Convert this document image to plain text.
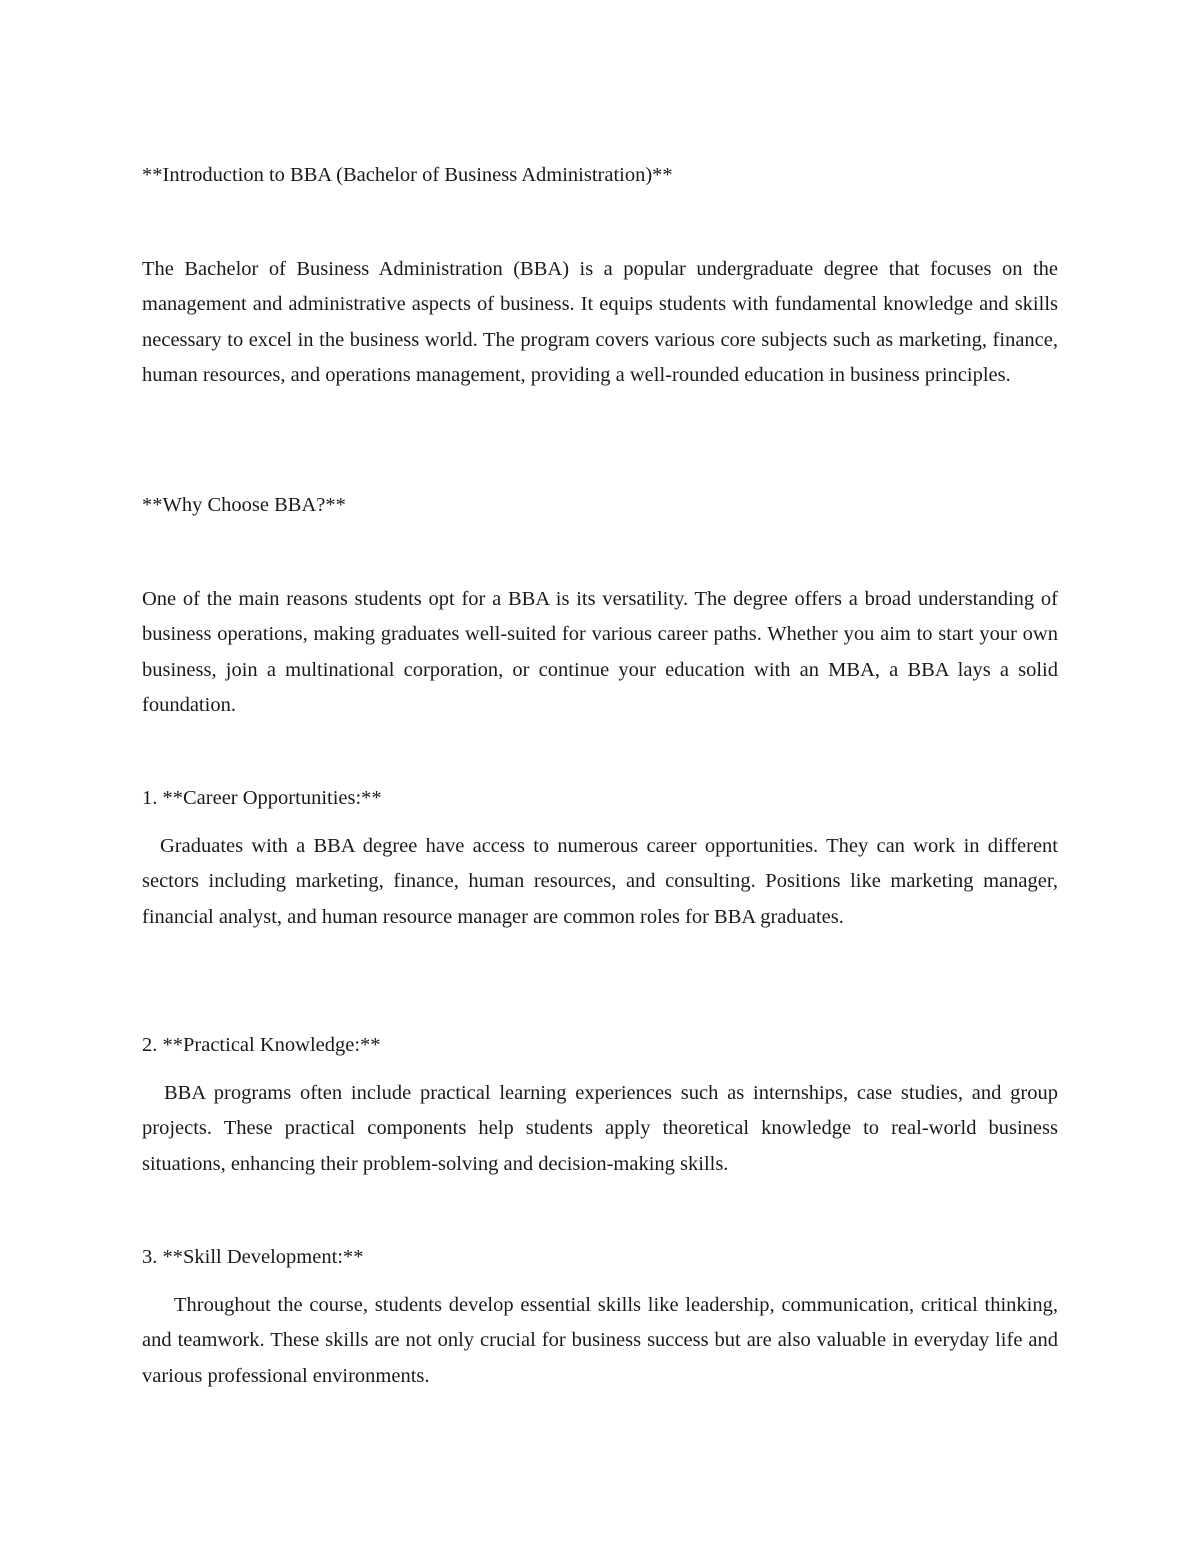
**Introduction to BBA (Bachelor of Business Administration)**

The Bachelor of Business Administration (BBA) is a popular undergraduate degree that focuses on the management and administrative aspects of business. It equips students with fundamental knowledge and skills necessary to excel in the business world. The program covers various core subjects such as marketing, finance, human resources, and operations management, providing a well-rounded education in business principles.

**Why Choose BBA?**

One of the main reasons students opt for a BBA is its versatility. The degree offers a broad understanding of business operations, making graduates well-suited for various career paths. Whether you aim to start your own business, join a multinational corporation, or continue your education with an MBA, a BBA lays a solid foundation.

1. **Career Opportunities:**

Graduates with a BBA degree have access to numerous career opportunities. They can work in different sectors including marketing, finance, human resources, and consulting. Positions like marketing manager, financial analyst, and human resource manager are common roles for BBA graduates.

2. **Practical Knowledge:**

BBA programs often include practical learning experiences such as internships, case studies, and group projects. These practical components help students apply theoretical knowledge to real-world business situations, enhancing their problem-solving and decision-making skills.

3. **Skill Development:**

Throughout the course, students develop essential skills like leadership, communication, critical thinking, and teamwork. These skills are not only crucial for business success but are also valuable in everyday life and various professional environments.
